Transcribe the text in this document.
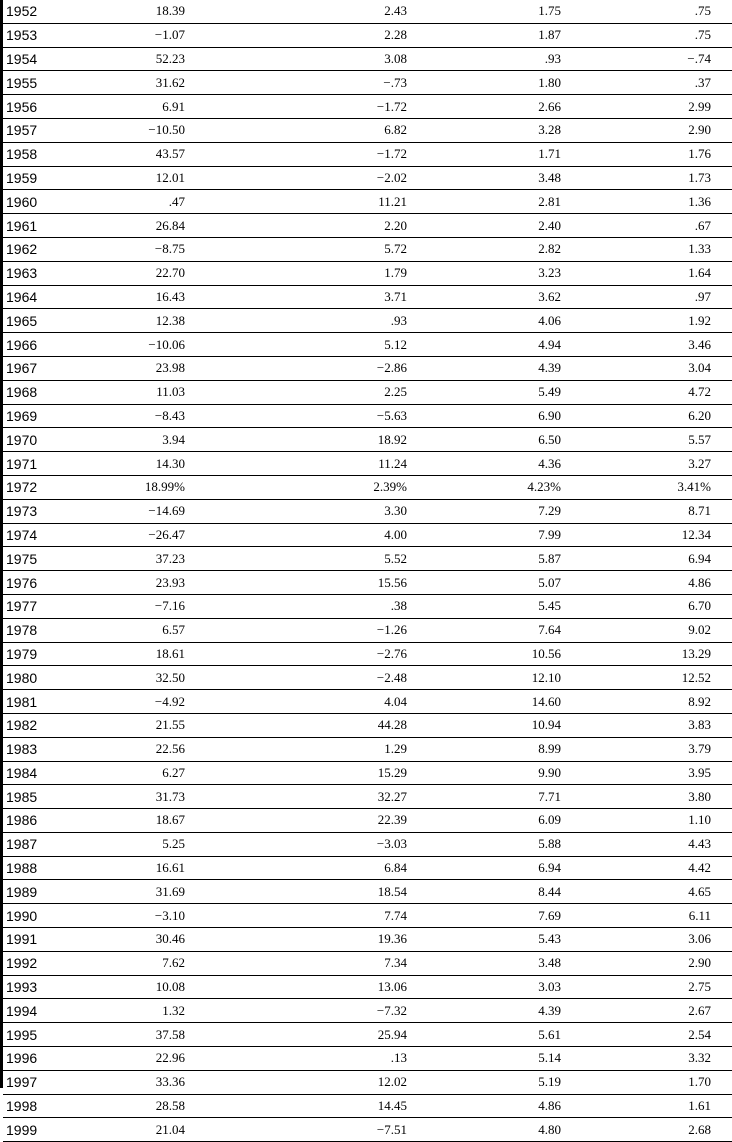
1952	18.39	2.43	1.75	.75
1953	−1.07	2.28	1.87	.75
1954	52.23	3.08	.93	−.74
1955	31.62	−.73	1.80	.37
1956	6.91	−1.72	2.66	2.99
1957	−10.50	6.82	3.28	2.90
1958	43.57	−1.72	1.71	1.76
1959	12.01	−2.02	3.48	1.73
1960	.47	11.21	2.81	1.36
1961	26.84	2.20	2.40	.67
1962	−8.75	5.72	2.82	1.33
1963	22.70	1.79	3.23	1.64
1964	16.43	3.71	3.62	.97
1965	12.38	.93	4.06	1.92
1966	−10.06	5.12	4.94	3.46
1967	23.98	−2.86	4.39	3.04
1968	11.03	2.25	5.49	4.72
1969	−8.43	−5.63	6.90	6.20
1970	3.94	18.92	6.50	5.57
1971	14.30	11.24	4.36	3.27
1972	18.99%	2.39%	4.23%	3.41%
1973	−14.69	3.30	7.29	8.71
1974	−26.47	4.00	7.99	12.34
1975	37.23	5.52	5.87	6.94
1976	23.93	15.56	5.07	4.86
1977	−7.16	.38	5.45	6.70
1978	6.57	−1.26	7.64	9.02
1979	18.61	−2.76	10.56	13.29
1980	32.50	−2.48	12.10	12.52
1981	−4.92	4.04	14.60	8.92
1982	21.55	44.28	10.94	3.83
1983	22.56	1.29	8.99	3.79
1984	6.27	15.29	9.90	3.95
1985	31.73	32.27	7.71	3.80
1986	18.67	22.39	6.09	1.10
1987	5.25	−3.03	5.88	4.43
1988	16.61	6.84	6.94	4.42
1989	31.69	18.54	8.44	4.65
1990	−3.10	7.74	7.69	6.11
1991	30.46	19.36	5.43	3.06
1992	7.62	7.34	3.48	2.90
1993	10.08	13.06	3.03	2.75
1994	1.32	−7.32	4.39	2.67
1995	37.58	25.94	5.61	2.54
1996	22.96	.13	5.14	3.32
1997	33.36	12.02	5.19	1.70
1998	28.58	14.45	4.86	1.61
1999	21.04	−7.51	4.80	2.68
